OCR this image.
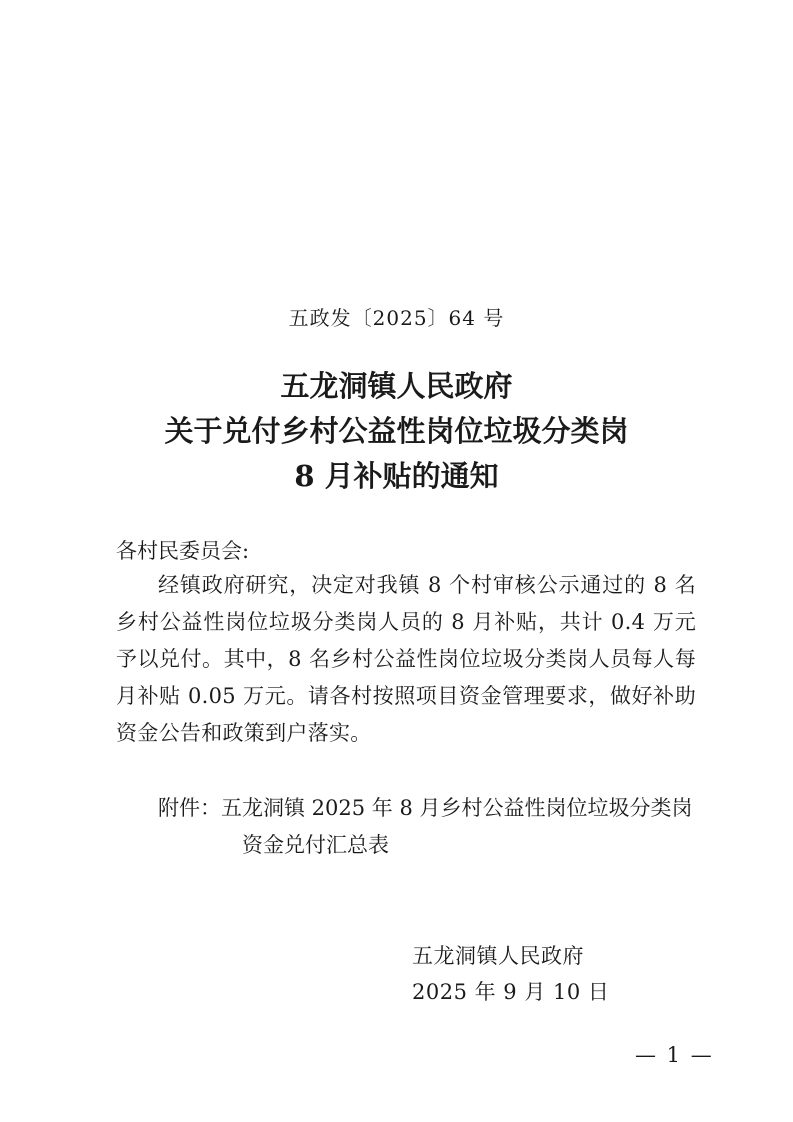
五政发〔2025〕64 号
五龙洞镇人民政府
关于兑付乡村公益性岗位垃圾分类岗
8 月补贴的通知
各村民委员会:

经镇政府研究，决定对我镇 8 个村审核公示通过的 8 名乡村公益性岗位垃圾分类岗人员的 8 月补贴，共计 0.4 万元予以兑付。其中，8 名乡村公益性岗位垃圾分类岗人员每人每月补贴 0.05 万元。请各村按照项目资金管理要求，做好补助资金公告和政策到户落实。

附件：五龙洞镇 2025 年 8 月乡村公益性岗位垃圾分类岗
资金兑付汇总表
五龙洞镇人民政府
2025 年 9 月 10 日
— 1 —
